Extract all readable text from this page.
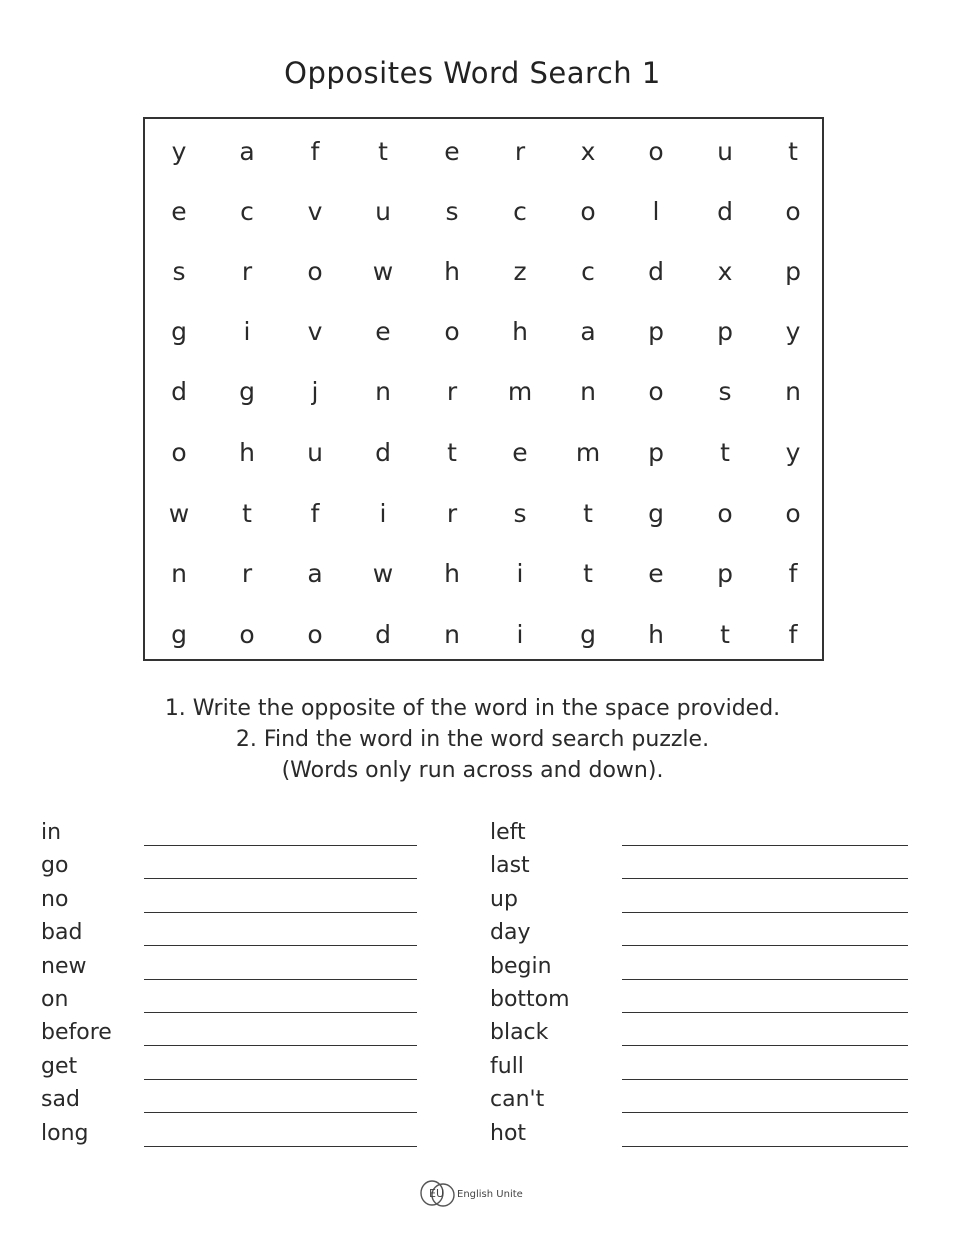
Opposites Word Search 1
y	a	f	t	e	r	x	o	u	t
e	c	v	u	s	c	o	l	d	o
s	r	o	w	h	z	c	d	x	p
g	i	v	e	o	h	a	p	p	y
d	g	j	n	r	m	n	o	s	n
o	h	u	d	t	e	m	p	t	y
w	t	f	i	r	s	t	g	o	o
n	r	a	w	h	i	t	e	p	f
g	o	o	d	n	i	g	h	t	f
1. Write the opposite of the word in the space provided.
2. Find the word in the word search puzzle.
(Words only run across and down).
in
go
no
bad
new
on
before
get
sad
long
left
last
up
day
begin
bottom
black
full
can't
hot
EU English Unite
